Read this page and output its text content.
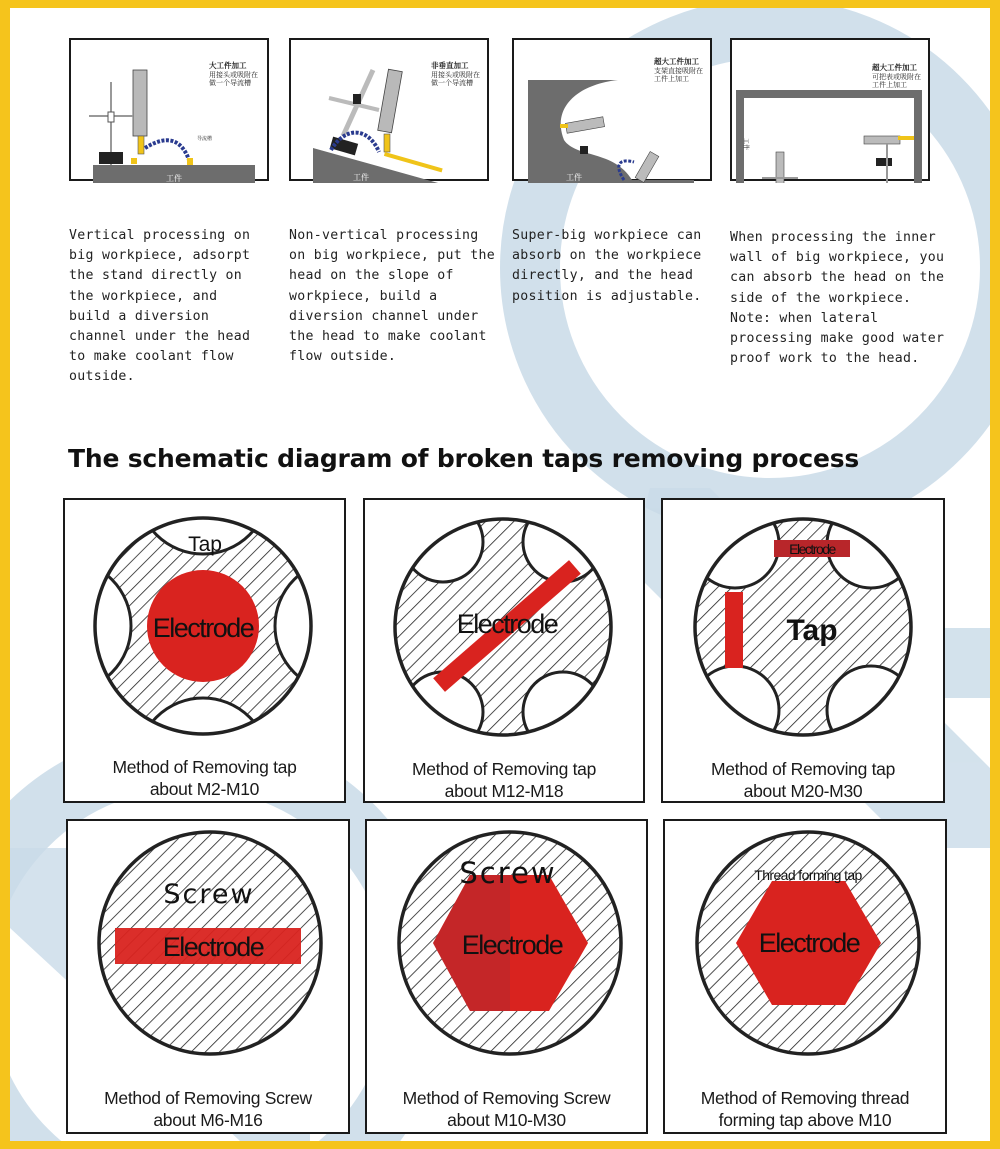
大工件加工
用接头或吸附在
做一个导流槽
工件
导流槽
Vertical processing on
big workpiece, adsorpt
the stand directly on
the workpiece, and
build a diversion
channel under the head
to make coolant flow
outside.
非垂直加工
用接头或吸附在
做一个导流槽
工件
Non-vertical processing
on big workpiece, put the
head on the slope of
workpiece, build a
diversion channel under
the head to make coolant
flow outside.
超大工件加工
支架直接吸附在
工件上加工
工件
Super-big workpiece can
absorb on the workpiece
directly, and the head
position is adjustable.
超大工件加工
可把表或吸附在
工件上加工
工件
When processing the inner
wall of big workpiece, you
can absorb the head on the
side of the workpiece.
Note: when lateral
processing make good water
proof work to the head.
The schematic diagram of broken taps removing process
Electrode
Tap
Method of Removing tap
about M2-M10
Electrode
Method of Removing tap
about M12-M18
Electrode
Tap
Method of Removing tap
about M20-M30
Electrode
Screw
Method of Removing Screw
about M6-M16
Electrode
Screw
Method of Removing Screw
about M10-M30
Electrode
Thread forming tap
Method of Removing thread
forming tap above M10
